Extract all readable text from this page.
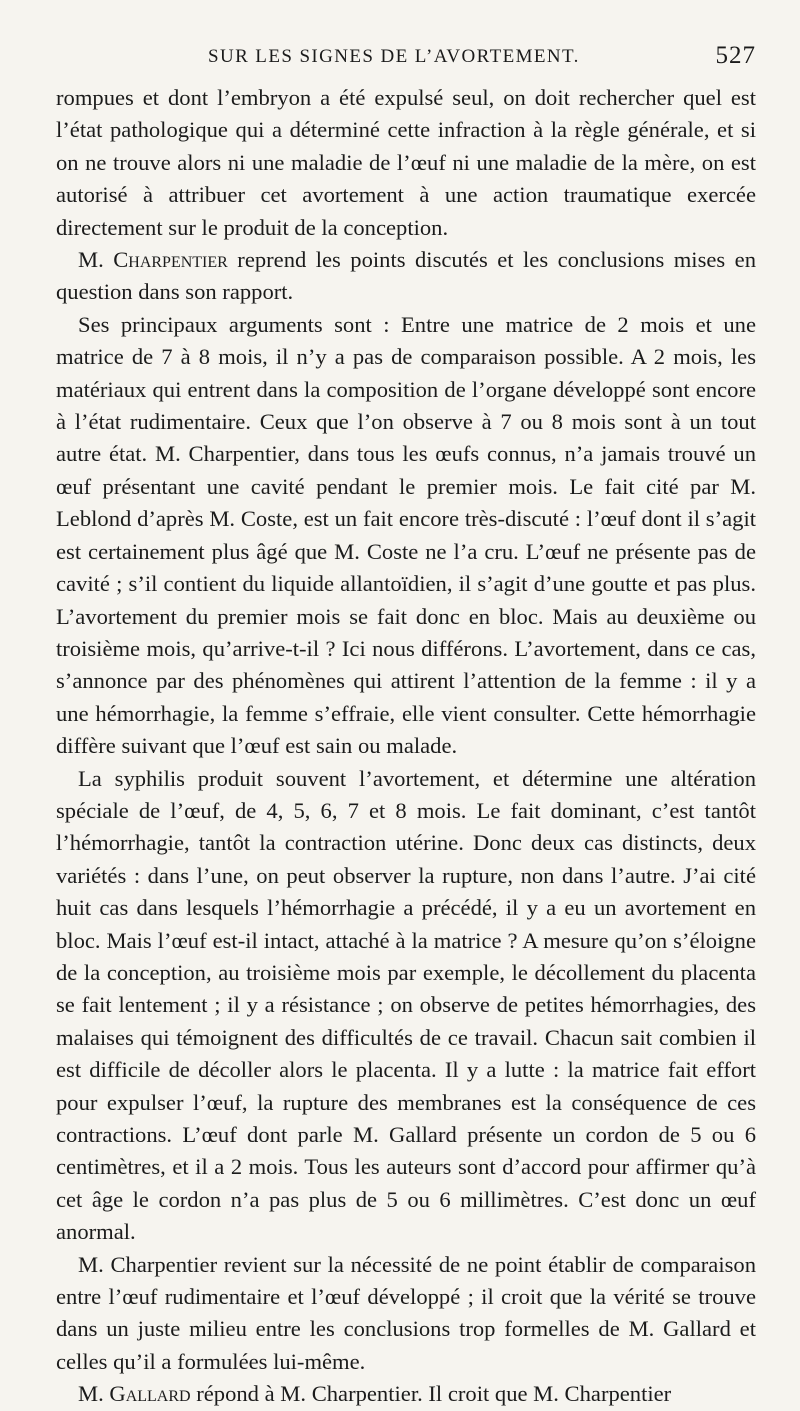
SUR LES SIGNES DE L’AVORTEMENT.	527

rompues et dont l’embryon a été expulsé seul, on doit rechercher quel est l’état pathologique qui a déterminé cette infraction à la règle générale, et si on ne trouve alors ni une maladie de l’œuf ni une maladie de la mère, on est autorisé à attribuer cet avortement à une action traumatique exercée directement sur le produit de la conception.

M. Charpentier reprend les points discutés et les conclusions mises en question dans son rapport.

Ses principaux arguments sont : Entre une matrice de 2 mois et une matrice de 7 à 8 mois, il n’y a pas de comparaison possible. A 2 mois, les matériaux qui entrent dans la composition de l’organe développé sont encore à l’état rudimentaire. Ceux que l’on observe à 7 ou 8 mois sont à un tout autre état. M. Charpentier, dans tous les œufs connus, n’a jamais trouvé un œuf présentant une cavité pendant le premier mois. Le fait cité par M. Leblond d’après M. Coste, est un fait encore très-discuté : l’œuf dont il s’agit est certainement plus âgé que M. Coste ne l’a cru. L’œuf ne présente pas de cavité ; s’il contient du liquide allantoïdien, il s’agit d’une goutte et pas plus. L’avortement du premier mois se fait donc en bloc. Mais au deuxième ou troisième mois, qu’arrive-t-il ? Ici nous différons. L’avortement, dans ce cas, s’annonce par des phénomènes qui attirent l’attention de la femme : il y a une hémorrhagie, la femme s’effraie, elle vient consulter. Cette hémorrhagie diffère suivant que l’œuf est sain ou malade.

La syphilis produit souvent l’avortement, et détermine une altération spéciale de l’œuf, de 4, 5, 6, 7 et 8 mois. Le fait dominant, c’est tantôt l’hémorrhagie, tantôt la contraction utérine. Donc deux cas distincts, deux variétés : dans l’une, on peut observer la rupture, non dans l’autre. J’ai cité huit cas dans lesquels l’hémorrhagie a précédé, il y a eu un avortement en bloc. Mais l’œuf est-il intact, attaché à la matrice ? A mesure qu’on s’éloigne de la conception, au troisième mois par exemple, le décollement du placenta se fait lentement ; il y a résistance ; on observe de petites hémorrhagies, des malaises qui témoignent des difficultés de ce travail. Chacun sait combien il est difficile de décoller alors le placenta. Il y a lutte : la matrice fait effort pour expulser l’œuf, la rupture des membranes est la conséquence de ces contractions. L’œuf dont parle M. Gallard présente un cordon de 5 ou 6 centimètres, et il a 2 mois. Tous les auteurs sont d’accord pour affirmer qu’à cet âge le cordon n’a pas plus de 5 ou 6 millimètres. C’est donc un œuf anormal.

M. Charpentier revient sur la nécessité de ne point établir de comparaison entre l’œuf rudimentaire et l’œuf développé ; il croit que la vérité se trouve dans un juste milieu entre les conclusions trop formelles de M. Gallard et celles qu’il a formulées lui-même.

M. Gallard répond à M. Charpentier. Il croit que M. Charpentier
